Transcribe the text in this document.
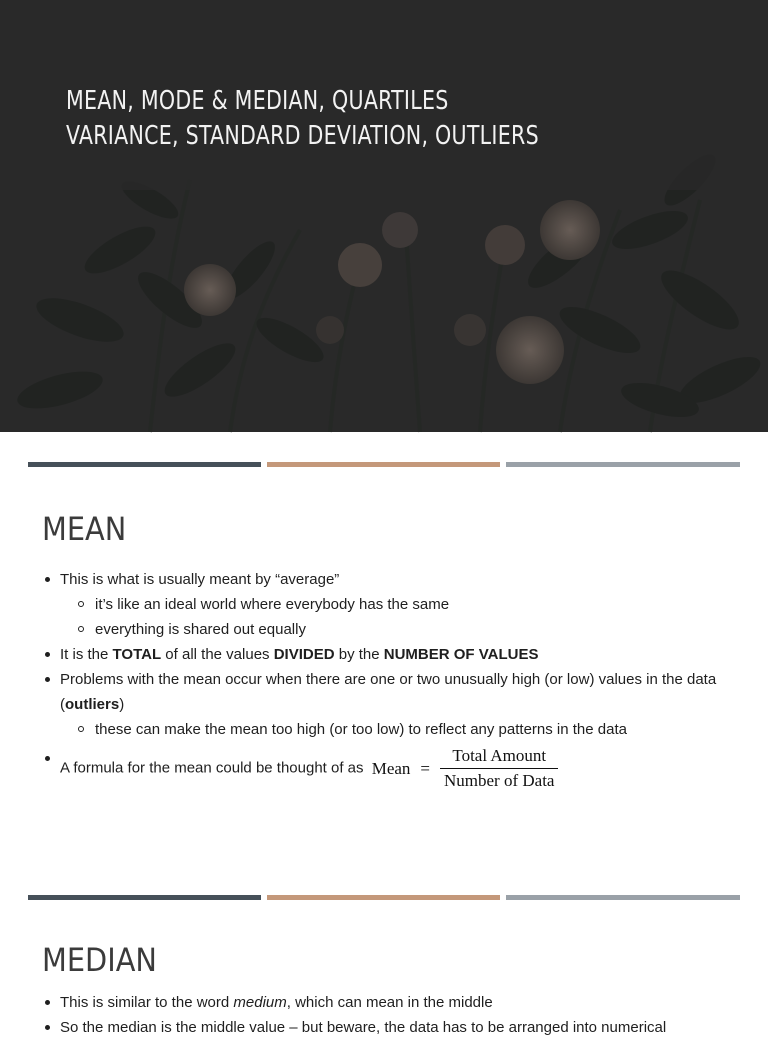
MEAN, MODE & MEDIAN, QUARTILES
VARIANCE, STANDARD DEVIATION, OUTLIERS
MEAN
This is what is usually meant by “average”
it’s like an ideal world where everybody has the same
everything is shared out equally
It is the TOTAL of all the values DIVIDED by the NUMBER OF VALUES
Problems with the mean occur when there are one or two unusually high (or low) values in the data (outliers)
these can make the mean too high (or too low) to reflect any patterns in the data
A formula for the mean could be thought of as Mean = $\frac{\text{Total Amount}}{\text{Number of Data}}$
MEDIAN
This is similar to the word medium, which can mean in the middle
So the median is the middle value – but beware, the data has to be arranged into numerical
